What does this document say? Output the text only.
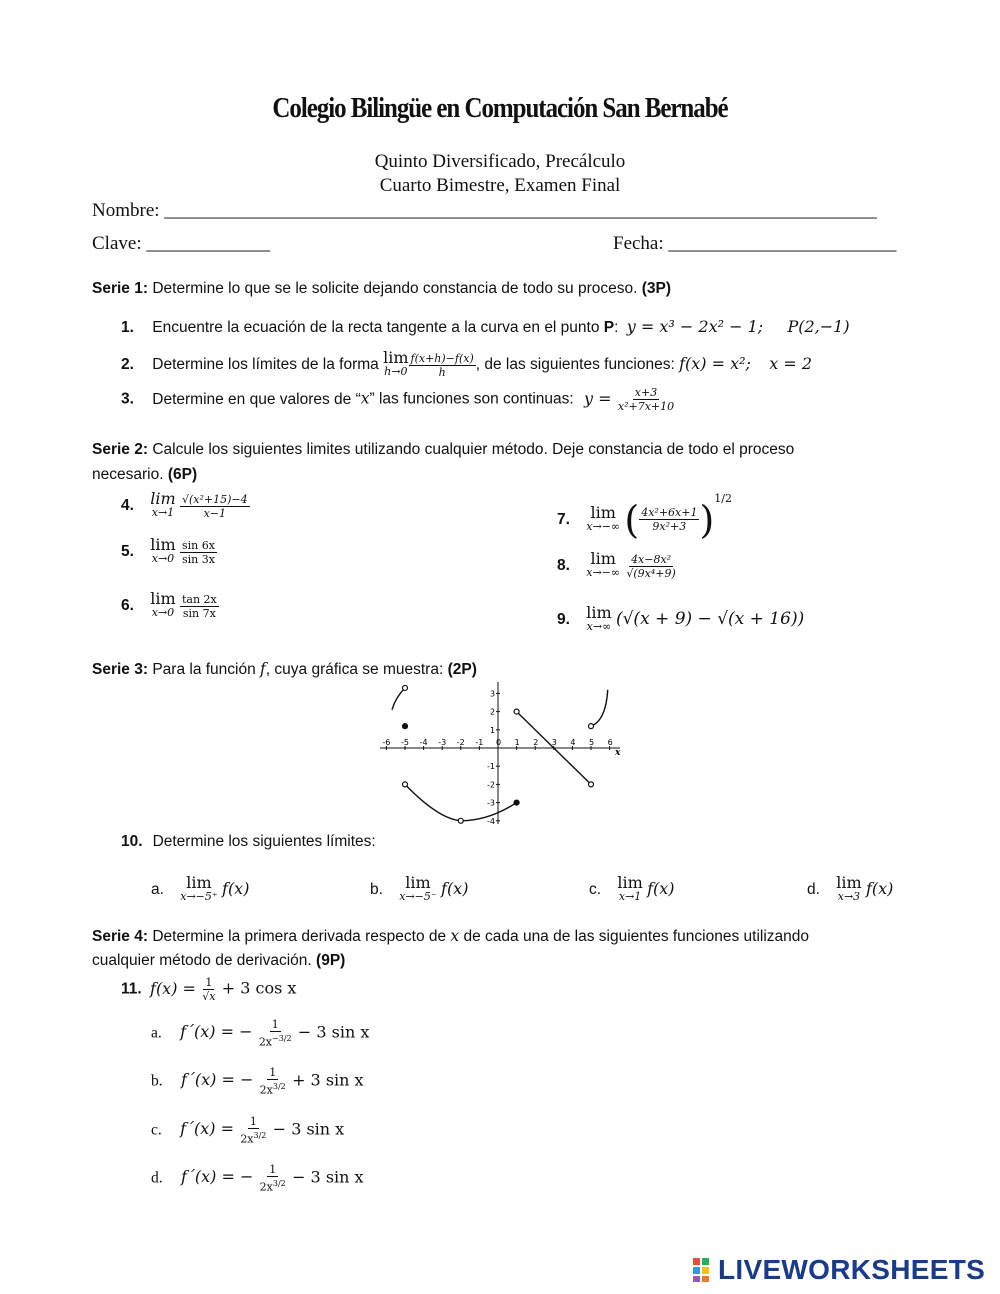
Colegio Bilingüe en Computación San Bernabé
Quinto Diversificado, Precálculo
Cuarto Bimestre, Examen Final
Nombre: ___________________________________________________________________________
Clave: _____________	Fecha: ________________________
Serie 1: Determine lo que se le solicite dejando constancia de todo su proceso. (3P)
1. Encuentre la ecuación de la recta tangente a la curva en el punto P: y = x³ − 2x² − 1; P(2,−1)
2. Determine los límites de la forma lim
$h\to 0 \frac{f(x+h)-f(x)}{h}$ , de las siguientes funciones: f(x) = x²; x = 2
3. Determine en que valores de “x” las funciones son continuas: $y = \frac{x+3}{\text{x²+7x+10}}$
Serie 2: Calcule los siguientes limites utilizando cualquier método. Deje constancia de todo el proceso
necesario. (6P)
4. lim
x→1
$\frac{\text{√(x²+15)−4}}{x-1}$
5. lim
x→0
$\frac{\sin 6x}{\sin 3x}$
6. lim
x→0
$\frac{\tan 2x}{\sin 7x}$
7. lim
x→−∞ ( $\frac{\text{4x²+6x+1}}{\text{9x²+3}} )^{1/2}$
8. lim
x→−∞
$\frac{\text{4x−8x²}}{\text{√(9x⁴+9)}}$
9. lim
x→∞ (√(x + 9) − √(x + 16))
Serie 3: Para la función f, cuya gráfica se muestra: (2P)
x
-6 -5 -4 -3 -2 -1 0 1 2 3 4 5 6
3
2
1
-1
-2
-3
-4
10. Determine los siguientes límites:
a. lim
x→−5⁺ f(x)	b. lim
x→−5⁻ f(x)	c. lim
x→1 f(x)	d. lim
x→3 f(x)
Serie 4: Determine la primera derivada respecto de x de cada una de las siguientes funciones utilizando
cualquier método de derivación. (9P)
11. $f(x) = \frac{1}{√x} + 3$ cos x
a. f´(x) = − $\frac{1}{2x^{-3/2}} - 3$ sin x
b. f´(x) = − $\frac{1}{2x^{3/2}} + 3$ sin x
c. f´(x) = $\frac{1}{2x^{3/2}} - 3$ sin x
d. f´(x) = − $\frac{1}{2x^{3/2}} - 3$ sin x
LIVEWORKSHEETS
